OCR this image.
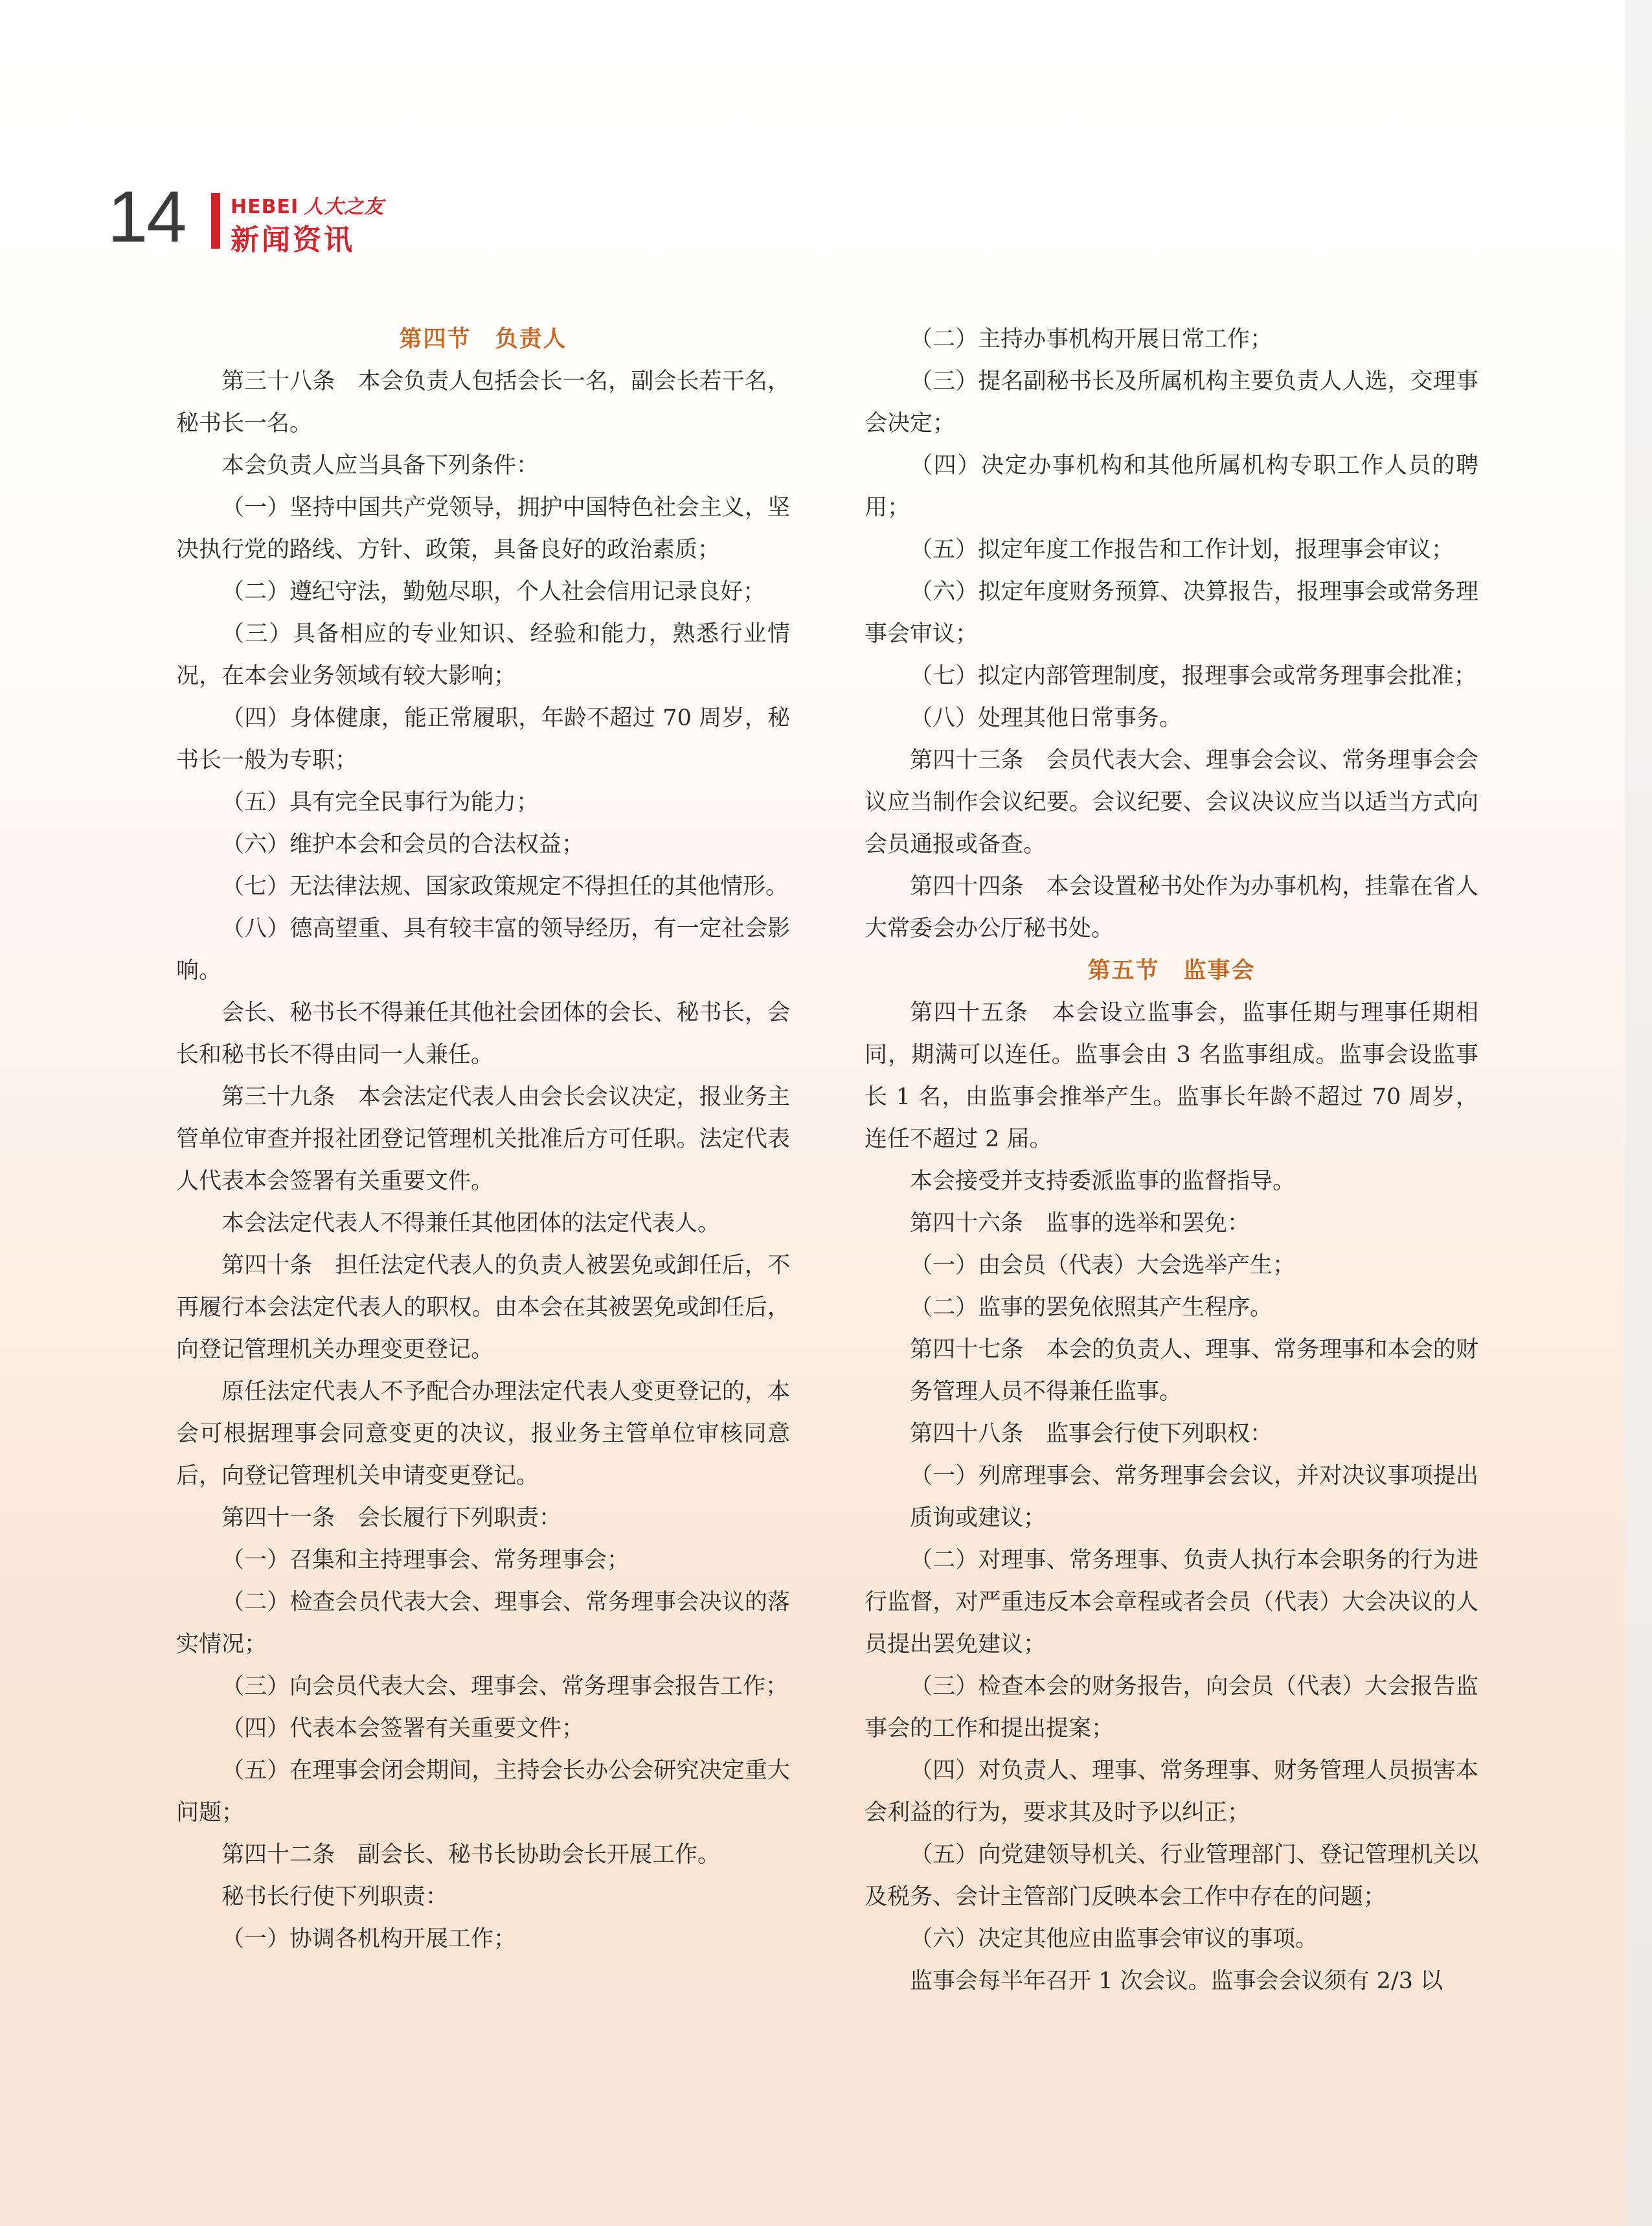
14 HEBEI 人大之友
新闻资讯
第四节　负责人

第三十八条　本会负责人包括会长一名，副会长若干名，秘书长一名。

本会负责人应当具备下列条件：

（一）坚持中国共产党领导，拥护中国特色社会主义，坚决执行党的路线、方针、政策，具备良好的政治素质；

（二）遵纪守法，勤勉尽职，个人社会信用记录良好；

（三）具备相应的专业知识、经验和能力，熟悉行业情况，在本会业务领域有较大影响；

（四）身体健康，能正常履职，年龄不超过 70 周岁，秘书长一般为专职；

（五）具有完全民事行为能力；

（六）维护本会和会员的合法权益；

（七）无法律法规、国家政策规定不得担任的其他情形。

（八）德高望重、具有较丰富的领导经历，有一定社会影响。

会长、秘书长不得兼任其他社会团体的会长、秘书长，会长和秘书长不得由同一人兼任。

第三十九条　本会法定代表人由会长会议决定，报业务主管单位审查并报社团登记管理机关批准后方可任职。法定代表人代表本会签署有关重要文件。

本会法定代表人不得兼任其他团体的法定代表人。

第四十条　担任法定代表人的负责人被罢免或卸任后，不再履行本会法定代表人的职权。由本会在其被罢免或卸任后，向登记管理机关办理变更登记。

原任法定代表人不予配合办理法定代表人变更登记的，本会可根据理事会同意变更的决议，报业务主管单位审核同意后，向登记管理机关申请变更登记。

第四十一条　会长履行下列职责：

（一）召集和主持理事会、常务理事会；

（二）检查会员代表大会、理事会、常务理事会决议的落实情况；

（三）向会员代表大会、理事会、常务理事会报告工作；

（四）代表本会签署有关重要文件；

（五）在理事会闭会期间，主持会长办公会研究决定重大问题；

第四十二条　副会长、秘书长协助会长开展工作。

秘书长行使下列职责：

（一）协调各机构开展工作；

（二）主持办事机构开展日常工作；

（三）提名副秘书长及所属机构主要负责人人选，交理事会决定；

（四）决定办事机构和其他所属机构专职工作人员的聘用；

（五）拟定年度工作报告和工作计划，报理事会审议；

（六）拟定年度财务预算、决算报告，报理事会或常务理事会审议；

（七）拟定内部管理制度，报理事会或常务理事会批准；

（八）处理其他日常事务。

第四十三条　会员代表大会、理事会会议、常务理事会会议应当制作会议纪要。会议纪要、会议决议应当以适当方式向会员通报或备查。

第四十四条　本会设置秘书处作为办事机构，挂靠在省人大常委会办公厅秘书处。

第五节　监事会

第四十五条　本会设立监事会，监事任期与理事任期相同，期满可以连任。监事会由 3 名监事组成。监事会设监事长 1 名，由监事会推举产生。监事长年龄不超过 70 周岁，连任不超过 2 届。

本会接受并支持委派监事的监督指导。

第四十六条　监事的选举和罢免：

（一）由会员（代表）大会选举产生；

（二）监事的罢免依照其产生程序。

第四十七条　本会的负责人、理事、常务理事和本会的财务管理人员不得兼任监事。

第四十八条　监事会行使下列职权：

（一）列席理事会、常务理事会会议，并对决议事项提出质询或建议；

（二）对理事、常务理事、负责人执行本会职务的行为进行监督，对严重违反本会章程或者会员（代表）大会决议的人员提出罢免建议；

（三）检查本会的财务报告，向会员（代表）大会报告监事会的工作和提出提案；

（四）对负责人、理事、常务理事、财务管理人员损害本会利益的行为，要求其及时予以纠正；

（五）向党建领导机关、行业管理部门、登记管理机关以及税务、会计主管部门反映本会工作中存在的问题；

（六）决定其他应由监事会审议的事项。

监事会每半年召开 1 次会议。监事会会议须有 2/3 以
